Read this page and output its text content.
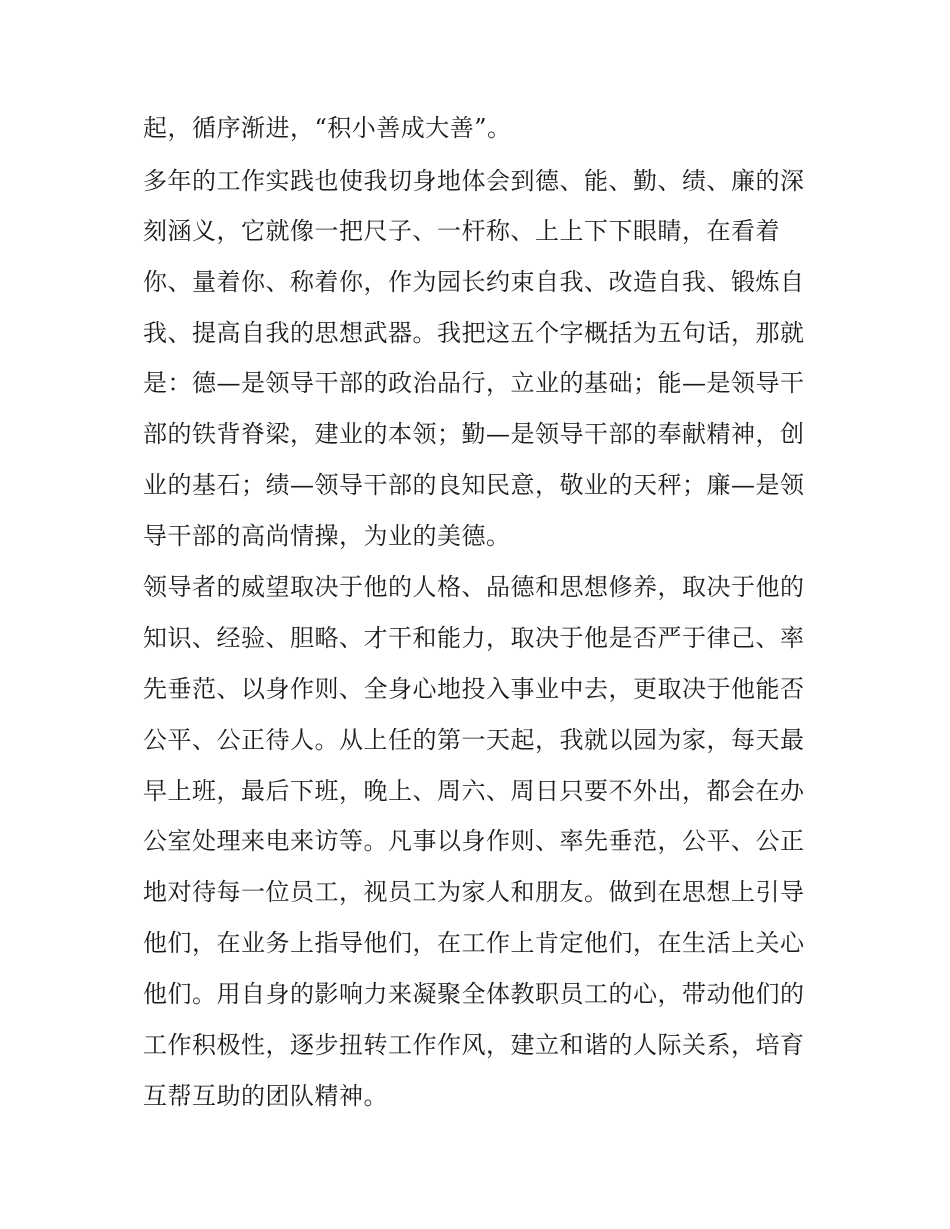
起，循序渐进，“积小善成大善”。
多年的工作实践也使我切身地体会到德、能、勤、绩、廉的深
刻涵义，它就像一把尺子、一杆称、上上下下眼睛，在看着
你、量着你、称着你，作为园长约束自我、改造自我、锻炼自
我、提高自我的思想武器。我把这五个字概括为五句话，那就
是：德—是领导干部的政治品行，立业的基础；能—是领导干
部的铁背脊梁，建业的本领；勤—是领导干部的奉献精神，创
业的基石；绩—领导干部的良知民意，敬业的天秤；廉—是领
导干部的高尚情操，为业的美德。
领导者的威望取决于他的人格、品德和思想修养，取决于他的
知识、经验、胆略、才干和能力，取决于他是否严于律己、率
先垂范、以身作则、全身心地投入事业中去，更取决于他能否
公平、公正待人。从上任的第一天起，我就以园为家，每天最
早上班，最后下班，晚上、周六、周日只要不外出，都会在办
公室处理来电来访等。凡事以身作则、率先垂范，公平、公正
地对待每一位员工，视员工为家人和朋友。做到在思想上引导
他们，在业务上指导他们，在工作上肯定他们，在生活上关心
他们。用自身的影响力来凝聚全体教职员工的心，带动他们的
工作积极性，逐步扭转工作作风，建立和谐的人际关系，培育
互帮互助的团队精神。
